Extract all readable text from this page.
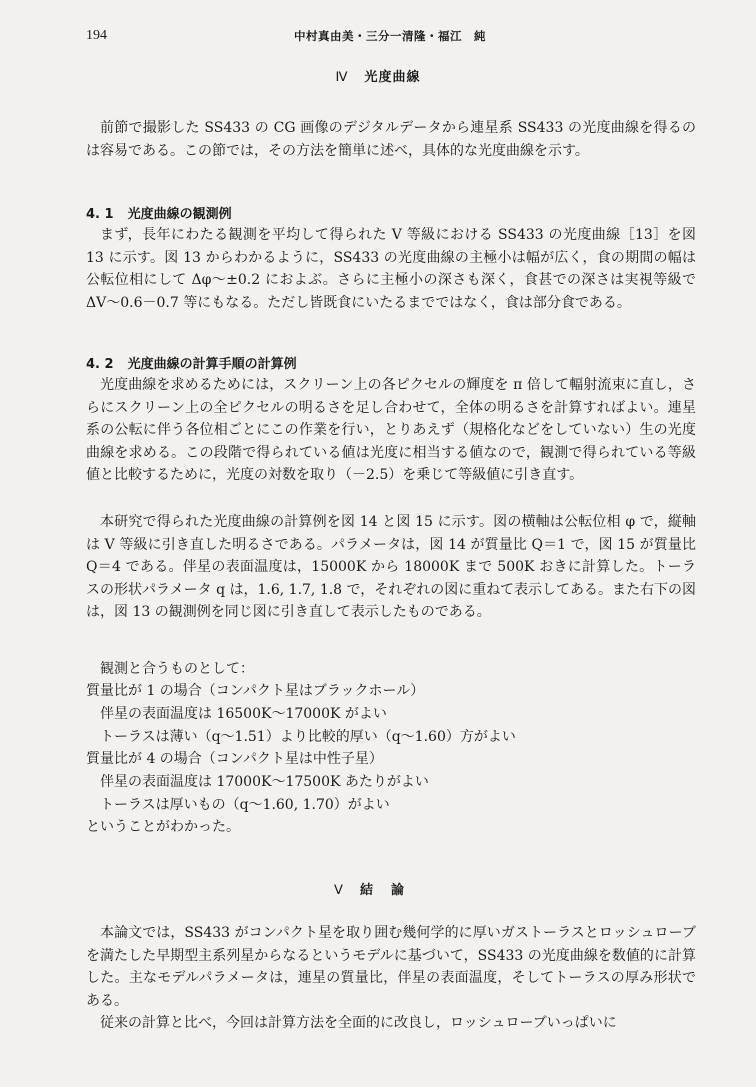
194	中村真由美・三分一清隆・福江　純
Ⅳ 光度曲線

前節で撮影した SS433 の CG 画像のデジタルデータから連星系 SS433 の光度曲線を得るのは容易である。この節では，その方法を簡単に述べ，具体的な光度曲線を示す。

4. 1 光度曲線の観測例

まず，長年にわたる観測を平均して得られた V 等級における SS433 の光度曲線［13］を図 13 に示す。図 13 からわかるように，SS433 の光度曲線の主極小は幅が広く，食の期間の幅は公転位相にして Δφ～±0.2 におよぶ。さらに主極小の深さも深く，食甚での深さは実視等級で ΔV～0.6－0.7 等にもなる。ただし皆既食にいたるまでではなく，食は部分食である。

4. 2 光度曲線の計算手順の計算例

光度曲線を求めるためには，スクリーン上の各ピクセルの輝度を π 倍して輻射流束に直し，さらにスクリーン上の全ピクセルの明るさを足し合わせて，全体の明るさを計算すればよい。連星系の公転に伴う各位相ごとにこの作業を行い，とりあえず（規格化などをしていない）生の光度曲線を求める。この段階で得られている値は光度に相当する値なので，観測で得られている等級値と比較するために，光度の対数を取り（－2.5）を乗じて等級値に引き直す。

本研究で得られた光度曲線の計算例を図 14 と図 15 に示す。図の横軸は公転位相 φ で，縦軸は V 等級に引き直した明るさである。パラメータは，図 14 が質量比 Q＝1 で，図 15 が質量比 Q＝4 である。伴星の表面温度は，15000K から 18000K まで 500K おきに計算した。トーラスの形状パラメータ q は，1.6, 1.7, 1.8 で，それぞれの図に重ねて表示してある。また右下の図は，図 13 の観測例を同じ図に引き直して表示したものである。

観測と合うものとして：

質量比が 1 の場合（コンパクト星はブラックホール）

伴星の表面温度は 16500K～17000K がよい

トーラスは薄い（q～1.51）より比較的厚い（q～1.60）方がよい

質量比が 4 の場合（コンパクト星は中性子星）

伴星の表面温度は 17000K～17500K あたりがよい

トーラスは厚いもの（q～1.60, 1.70）がよい

ということがわかった。

Ⅴ 結論

本論文では，SS433 がコンパクト星を取り囲む幾何学的に厚いガストーラスとロッシュローブを満たした早期型主系列星からなるというモデルに基づいて，SS433 の光度曲線を数値的に計算した。主なモデルパラメータは，連星の質量比，伴星の表面温度，そしてトーラスの厚み形状である。

従来の計算と比べ，今回は計算方法を全面的に改良し，ロッシュローブいっぱいに
